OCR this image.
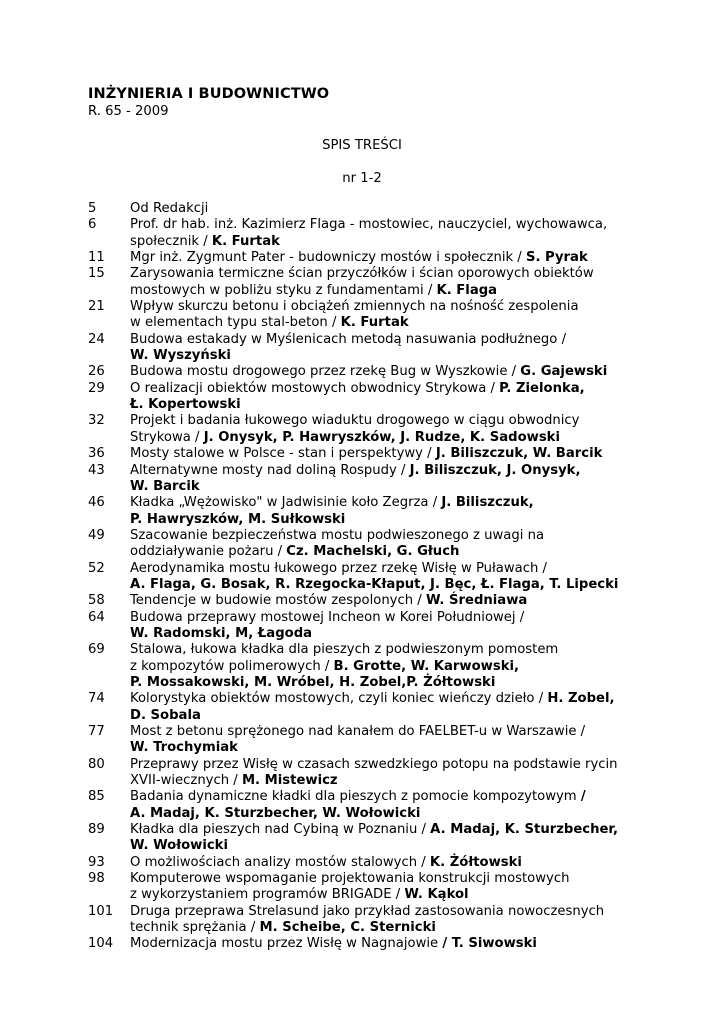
INŻYNIERIA I BUDOWNICTWO
R. 65 - 2009
SPIS TREŚCI
nr 1-2
5	Od Redakcji
6	Prof. dr hab. inż. Kazimierz Flaga - mostowiec, nauczyciel, wychowawca,
społecznik / K. Furtak
11	Mgr inż. Zygmunt Pater - budowniczy mostów i społecznik / S. Pyrak
15	Zarysowania termiczne ścian przyczółków i ścian oporowych obiektów
mostowych w pobliżu styku z fundamentami / K. Flaga
21	Wpływ skurczu betonu i obciążeń zmiennych na nośność zespolenia
w elementach typu stal-beton / K. Furtak
24	Budowa estakady w Myślenicach metodą nasuwania podłużnego /
W. Wyszyński
26	Budowa mostu drogowego przez rzekę Bug w Wyszkowie / G. Gajewski
29	O realizacji obiektów mostowych obwodnicy Strykowa / P. Zielonka,
Ł. Kopertowski
32	Projekt i badania łukowego wiaduktu drogowego w ciągu obwodnicy
Strykowa / J. Onysyk, P. Hawryszków, J. Rudze, K. Sadowski
36	Mosty stalowe w Polsce - stan i perspektywy / J. Biliszczuk, W. Barcik
43	Alternatywne mosty nad doliną Rospudy / J. Biliszczuk, J. Onysyk,
W. Barcik
46	Kładka „Wężowisko" w Jadwisinie koło Zegrza / J. Biliszczuk,
P. Hawryszków, M. Sułkowski
49	Szacowanie bezpieczeństwa mostu podwieszonego z uwagi na
oddziaływanie pożaru / Cz. Machelski, G. Głuch
52	Aerodynamika mostu łukowego przez rzekę Wisłę w Puławach /
A. Flaga, G. Bosak, R. Rzegocka-Kłaput, J. Bęc, Ł. Flaga, T. Lipecki
58	Tendencje w budowie mostów zespolonych / W. Średniawa
64	Budowa przeprawy mostowej Incheon w Korei Południowej /
W. Radomski, M, Łagoda
69	Stalowa, łukowa kładka dla pieszych z podwieszonym pomostem
z kompozytów polimerowych / B. Grotte, W. Karwowski,
P. Mossakowski, M. Wróbel, H. Zobel,P. Żółtowski
74	Kolorystyka obiektów mostowych, czyli koniec wieńczy dzieło / H. Zobel,
D. Sobala
77	Most z betonu sprężonego nad kanałem do FAELBET-u w Warszawie /
W. Trochymiak
80	Przeprawy przez Wisłę w czasach szwedzkiego potopu na podstawie rycin
XVII-wiecznych / M. Mistewicz
85	Badania dynamiczne kładki dla pieszych z pomocie kompozytowym /
A. Madaj, K. Sturzbecher, W. Wołowicki
89	Kładka dla pieszych nad Cybiną w Poznaniu / A. Madaj, K. Sturzbecher,
W. Wołowicki
93	O możliwościach analizy mostów stalowych / K. Żółtowski
98	Komputerowe wspomaganie projektowania konstrukcji mostowych
z wykorzystaniem programów BRIGADE / W. Kąkol
101	Druga przeprawa Strelasund jako przykład zastosowania nowoczesnych
technik sprężania / M. Scheibe, C. Sternicki
104	Modernizacja mostu przez Wisłę w Nagnajowie / T. Siwowski
